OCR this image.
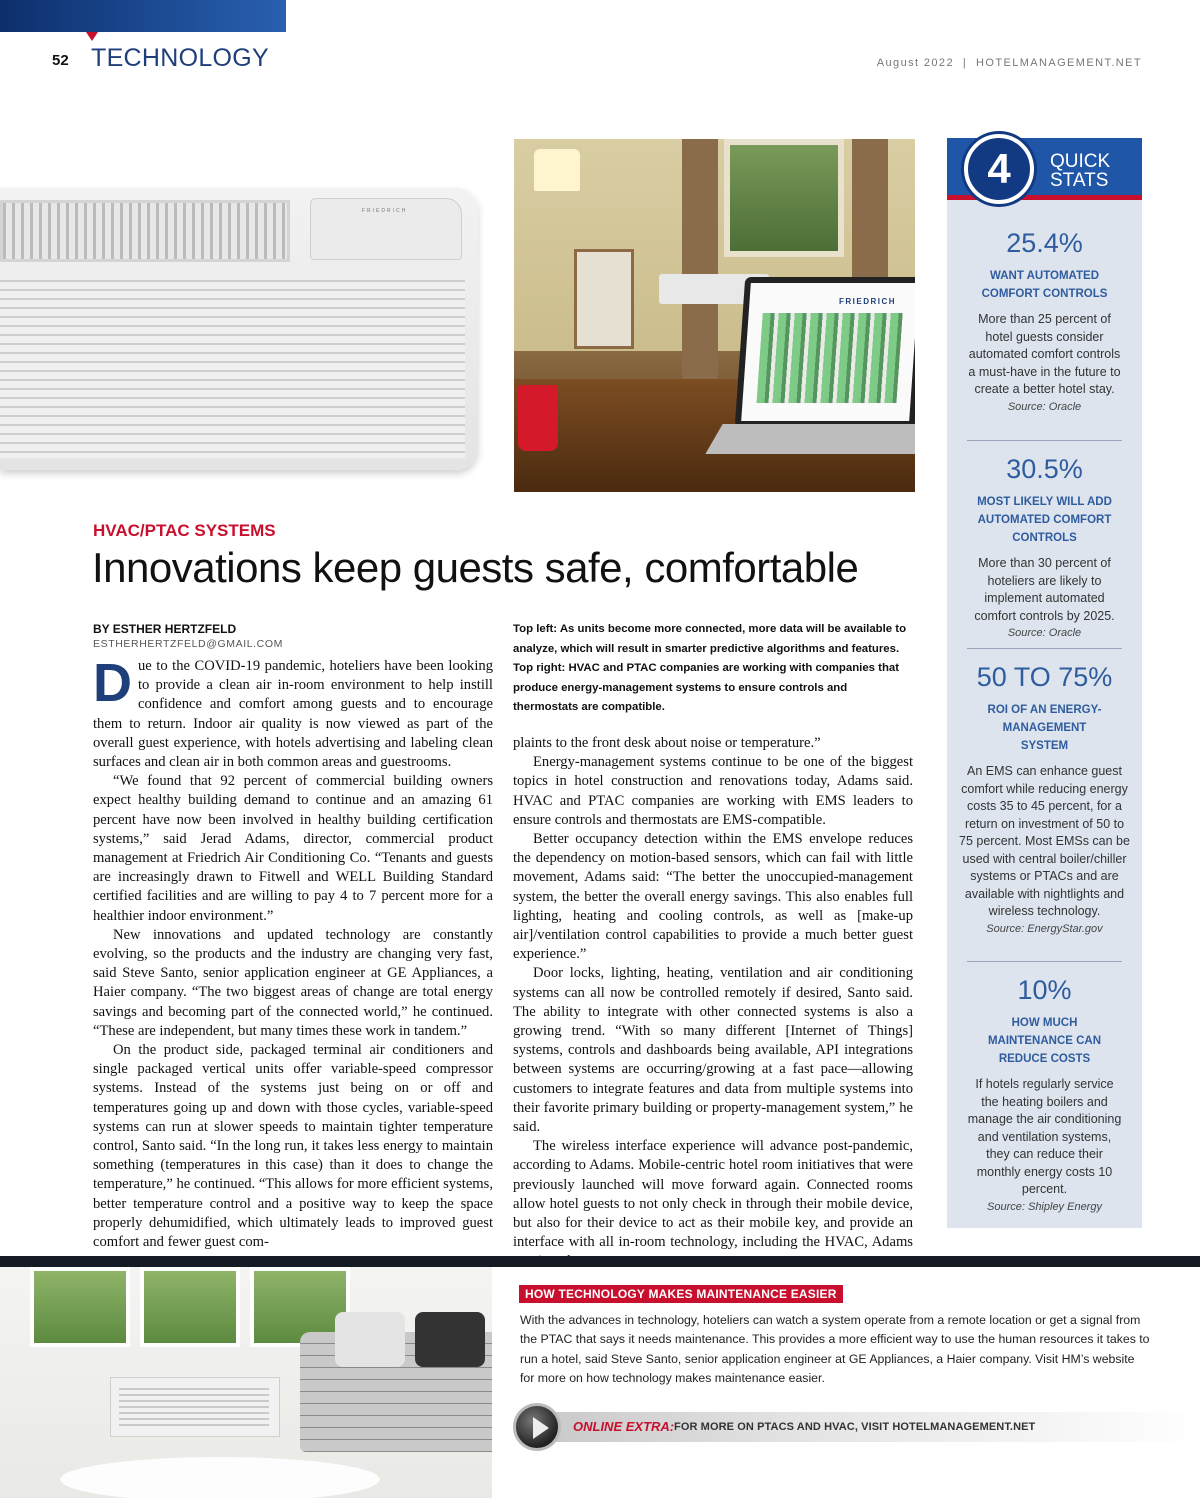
52 TECHNOLOGY	August 2022  |  HOTELMANAGEMENT.NET
FRIEDRICH
FRIEDRICH
4 QUICK
STATS
25.4%
WANT AUTOMATED COMFORT CONTROLS
More than 25 percent of hotel guests consider automated comfort controls a must-have in the future to create a better hotel stay.
Source: Oracle
30.5%
MOST LIKELY WILL ADD AUTOMATED COMFORT CONTROLS
More than 30 percent of hoteliers are likely to implement automated comfort controls by 2025.
Source: Oracle
50 TO 75%
ROI OF AN ENERGY-MANAGEMENT SYSTEM
An EMS can enhance guest comfort while reducing energy costs 35 to 45 percent, for a return on investment of 50 to 75 percent. Most EMSs can be used with central boiler/chiller systems or PTACs and are available with nightlights and wireless technology.
Source: EnergyStar.gov
10%
HOW MUCH MAINTENANCE CAN REDUCE COSTS
If hotels regularly service the heating boilers and manage the air conditioning and ventilation systems, they can reduce their monthly energy costs 10 percent.
Source: Shipley Energy
HVAC/PTAC SYSTEMS
Innovations keep guests safe, comfortable
BY ESTHER HERTZFELD
ESTHERHERTZFELD@GMAIL.COM

Due to the COVID-19 pandemic, hoteliers have been looking to provide a clean air in-room environment to help instill confidence and comfort among guests and to encourage them to return. Indoor air quality is now viewed as part of the overall guest experience, with hotels advertising and labeling clean surfaces and clean air in both common areas and guestrooms.

“We found that 92 percent of commercial building owners expect healthy building demand to continue and an amazing 61 percent have now been involved in healthy building certification systems,” said Jerad Adams, director, commercial product management at Friedrich Air Conditioning Co. “Tenants and guests are increasingly drawn to Fitwell and WELL Building Standard certified facilities and are willing to pay 4 to 7 percent more for a healthier indoor environment.”

New innovations and updated technology are constantly evolving, so the products and the industry are changing very fast, said Steve Santo, senior application engineer at GE Appliances, a Haier company. “The two biggest areas of change are total energy savings and becoming part of the connected world,” he continued. “These are independent, but many times these work in tandem.”

On the product side, packaged terminal air conditioners and single packaged vertical units offer variable-speed compressor systems. Instead of the systems just being on or off and temperatures going up and down with those cycles, variable-speed systems can run at slower speeds to maintain tighter temperature control, Santo said. “In the long run, it takes less energy to maintain something (temperatures in this case) than it does to change the temperature,” he continued. “This allows for more efficient systems, better temperature control and a positive way to keep the space properly dehumidified, which ultimately leads to improved guest comfort and fewer guest com-

Top left: As units become more connected, more data will be available to analyze, which will result in smarter predictive algorithms and features.
Top right: HVAC and PTAC companies are working with companies that produce energy-management systems to ensure controls and thermostats are compatible.

plaints to the front desk about noise or temperature.”

Energy-management systems continue to be one of the biggest topics in hotel construction and renovations today, Adams said. HVAC and PTAC companies are working with EMS leaders to ensure controls and thermostats are EMS-compatible.

Better occupancy detection within the EMS envelope reduces the dependency on motion-based sensors, which can fail with little movement, Adams said: “The better the unoccupied-management system, the better the overall energy savings. This also enables full lighting, heating and cooling controls, as well as [make-up air]/ventilation control capabilities to provide a much better guest experience.”

Door locks, lighting, heating, ventilation and air conditioning systems can all now be controlled remotely if desired, Santo said. The ability to integrate with other connected systems is also a growing trend. “With so many different [Internet of Things] systems, controls and dashboards being available, API integrations between systems are occurring/growing at a fast pace—allowing customers to integrate features and data from multiple systems into their favorite primary building or property-management system,” he said.

The wireless interface experience will advance post-pandemic, according to Adams. Mobile-centric hotel room initiatives that were previously launched will move forward again. Connected rooms allow hotel guests to not only check in through their mobile device, but also for their device to act as their mobile key, and provide an interface with all in-room technology, including the HVAC, Adams

HOW TECHNOLOGY MAKES MAINTENANCE EASIER
With the advances in technology, hoteliers can watch a system operate from a remote location or get a signal from the PTAC that says it needs maintenance. This provides a more efficient way to use the human resources it takes to run a hotel, said Steve Santo, senior application engineer at GE Appliances, a Haier company. Visit HM’s website for more on how technology makes maintenance easier.
ONLINE EXTRA: FOR MORE ON PTACS AND HVAC, VISIT HOTELMANAGEMENT.NET
